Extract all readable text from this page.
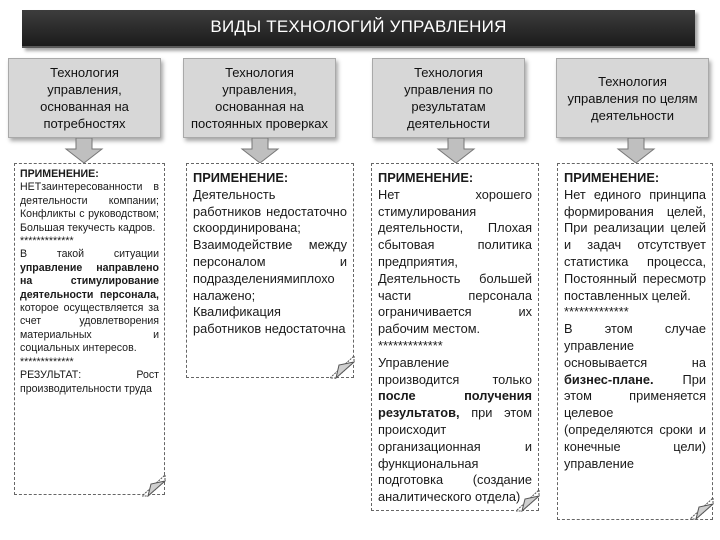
ВИДЫ ТЕХНОЛОГИЙ УПРАВЛЕНИЯ
Технология управления, основанная на потребностях
Технология управления, основанная на постоянных проверках
Технология управления по результатам деятельности
Технология управления по целям деятельности

ПРИМЕНЕНИЕ:

НЕТзаинтересованности в деятельности компании; Конфликты с руководством; Большая текучесть кадров.

*************

В такой ситуации управление направлено на стимулирование деятельности персонала, которое осуществляется за счет удовлетворения материальных и социальных интересов.

*************

РЕЗУЛЬТАТ: Рост производительности труда

ПРИМЕНЕНИЕ:

Деятельность работников недостаточно скоординирована;

Взаимодействие между персоналом и подразделениямиплохо налажено;

Квалификация работников недостаточна

ПРИМЕНЕНИЕ:

Нет хорошего стимулирования деятельности, Плохая сбытовая политика предприятия, Деятельность большей части персонала ограничивается их рабочим местом.

*************

Управление производится только после получения результатов, при этом происходит организационная и функциональная подготовка (создание аналитического отдела)

ПРИМЕНЕНИЕ:

Нет единого принципа формирования целей, При реализации целей и задач отсутствует статистика процесса, Постоянный пересмотр поставленных целей.

*************

В этом случае управление основывается на бизнес-плане. При этом применяется целевое (определяются сроки и конечные цели) управление
